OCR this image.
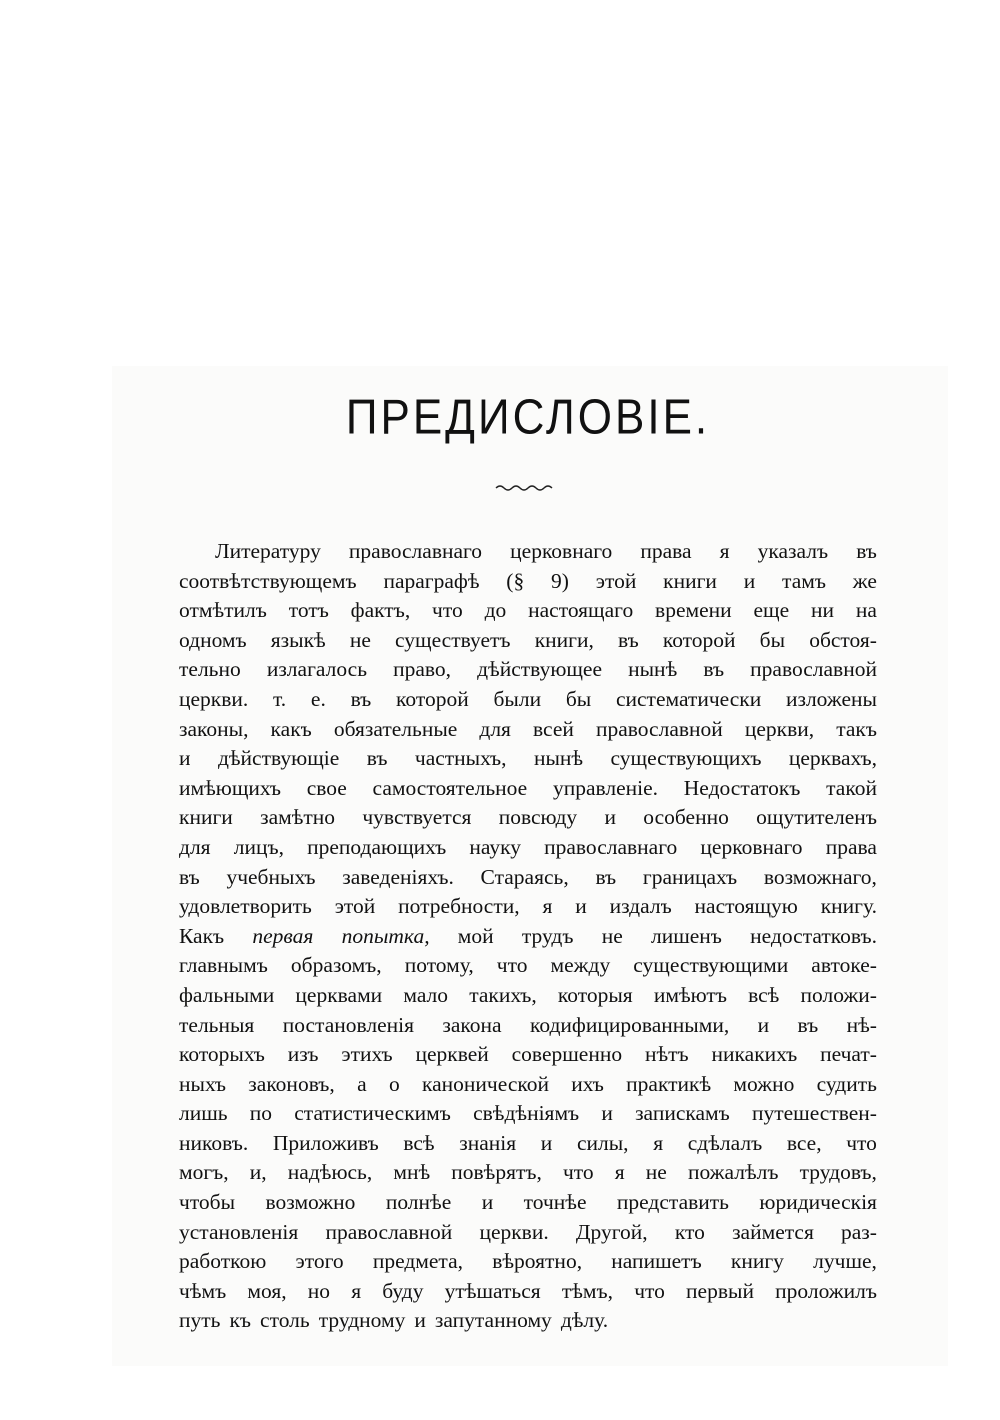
ПРЕДИСЛОВІЕ.
Литературу православнаго церковнаго права я указалъ въ
соотвѣтствующемъ параграфѣ (§ 9) этой книги и тамъ же
отмѣтилъ тотъ фактъ, что до настоящаго времени еще ни на
одномъ языкѣ не существуетъ книги, въ которой бы обстоя-
тельно излагалось право, дѣйствующее нынѣ въ православной
церкви. т. е. въ которой были бы систематически изложены
законы, какъ обязательные для всей православной церкви, такъ
и дѣйствующіе въ частныхъ, нынѣ существующихъ церквахъ,
имѣющихъ свое самостоятельное управленіе. Недостатокъ такой
книги замѣтно чувствуется повсюду и особенно ощутителенъ
для лицъ, преподающихъ науку православнаго церковнаго права
въ учебныхъ заведеніяхъ. Стараясь, въ границахъ возможнаго,
удовлетворить этой потребности, я и издалъ настоящую книгу.
Какъ первая попытка, мой трудъ не лишенъ недостатковъ.
главнымъ образомъ, потому, что между существующими автоке-
фальными церквами мало такихъ, которыя имѣютъ всѣ положи-
тельныя постановленія закона кодифицированными, и въ нѣ-
которыхъ изъ этихъ церквей совершенно нѣтъ никакихъ печат-
ныхъ законовъ, а о канонической ихъ практикѣ можно судить
лишь по статистическимъ свѣдѣніямъ и запискамъ путешествен-
никовъ. Приложивъ всѣ знанія и силы, я сдѣлалъ все, что
могъ, и, надѣюсь, мнѣ повѣрятъ, что я не пожалѣлъ трудовъ,
чтобы возможно полнѣе и точнѣе представить юридическія
установленія православной церкви. Другой, кто займется раз-
работкою этого предмета, вѣроятно, напишетъ книгу лучше,
чѣмъ моя, но я буду утѣшаться тѣмъ, что первый проложилъ
путь къ столь трудному и запутанному дѣлу.
